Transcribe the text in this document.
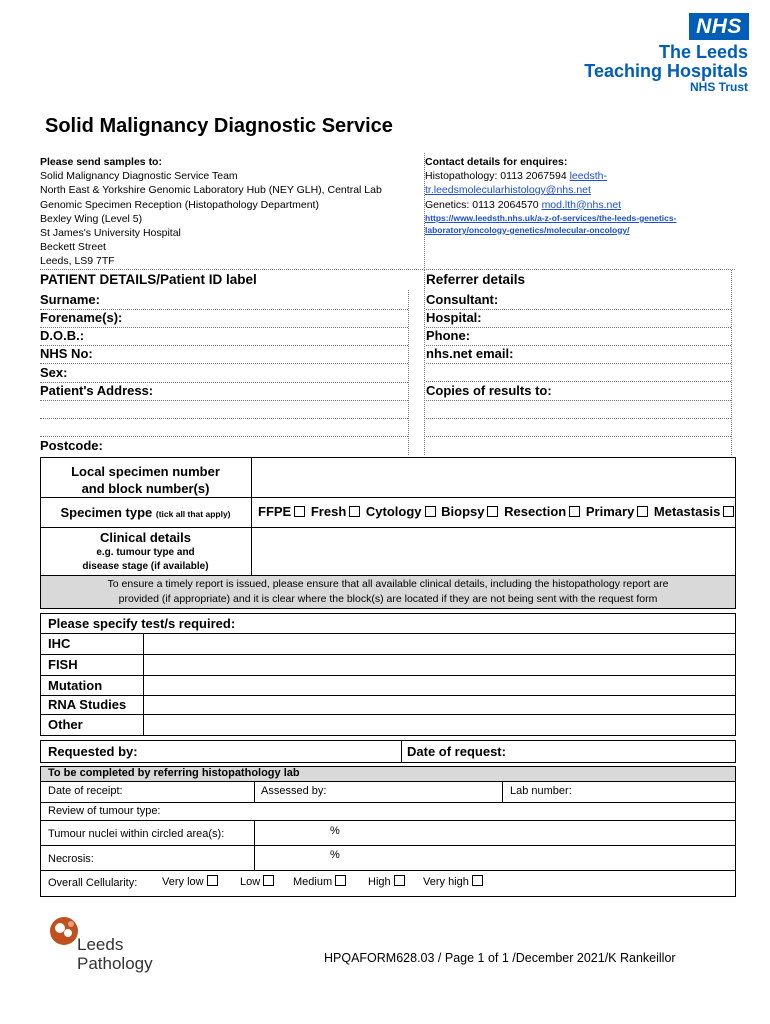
NHS
The Leeds
Teaching Hospitals
NHS Trust
Solid Malignancy Diagnostic Service
Please send samples to:
Solid Malignancy Diagnostic Service Team
North East & Yorkshire Genomic Laboratory Hub (NEY GLH), Central Lab
Genomic Specimen Reception (Histopathology Department)
Bexley Wing (Level 5)
St James's University Hospital
Beckett Street
Leeds, LS9 7TF
Contact details for enquires:
Histopathology: 0113 2067594 leedsth-
tr.leedsmolecularhistology@nhs.net
Genetics: 0113 2064570 mod.lth@nhs.net
https://www.leedsth.nhs.uk/a-z-of-services/the-leeds-genetics-
laboratory/oncology-genetics/molecular-oncology/
PATIENT DETAILS/Patient ID label	Referrer details
Surname:
Forename(s):
D.O.B.:
NHS No:
Sex:
Patient's Address:
Postcode:
Consultant:
Hospital:
Phone:
nhs.net email:
Copies of results to:
Local specimen number
and block number(s)
Specimen type (tick all that apply)	FFPE Fresh Cytology Biopsy Resection Primary Metastasis
Clinical details
e.g. tumour type and
disease stage (if available)
To ensure a timely report is issued, please ensure that all available clinical details, including the histopathology report are
provided (if appropriate) and it is clear where the block(s) are located if they are not being sent with the request form
Please specify test/s required:
IHC
FISH
Mutation
RNA Studies
Other
Requested by:	Date of request:
To be completed by referring histopathology lab
Date of receipt:	Assessed by:	Lab number:
Review of tumour type:
Tumour nuclei within circled area(s):	%
Necrosis:	%
Overall Cellularity: Very low	Low	Medium	High	Very high
Leeds
Pathology	HPQAFORM628.03 / Page 1 of 1 /December 2021/K Rankeillor
